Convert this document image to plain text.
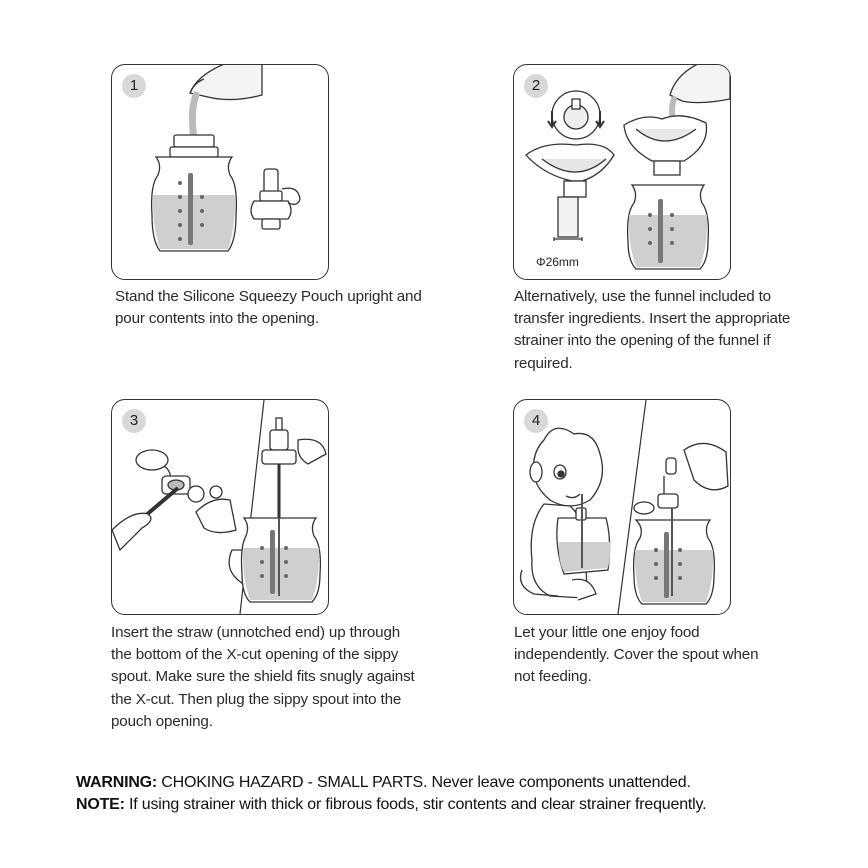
1

Stand the Silicone Squeezy Pouch upright and pour contents into the opening.

2
Φ26mm

Alternatively, use the funnel included to transfer ingredients. Insert the appropriate strainer into the opening of the funnel if required.

3

Insert the straw (unnotched end) up through the bottom of the X-cut opening of the sippy spout. Make sure the shield fits snugly against the X-cut. Then plug the sippy spout into the pouch opening.

4

Let your little one enjoy food independently. Cover the spout when not feeding.

WARNING: CHOKING HAZARD - SMALL PARTS. Never leave components unattended.
NOTE: If using strainer with thick or fibrous foods, stir contents and clear strainer frequently.
